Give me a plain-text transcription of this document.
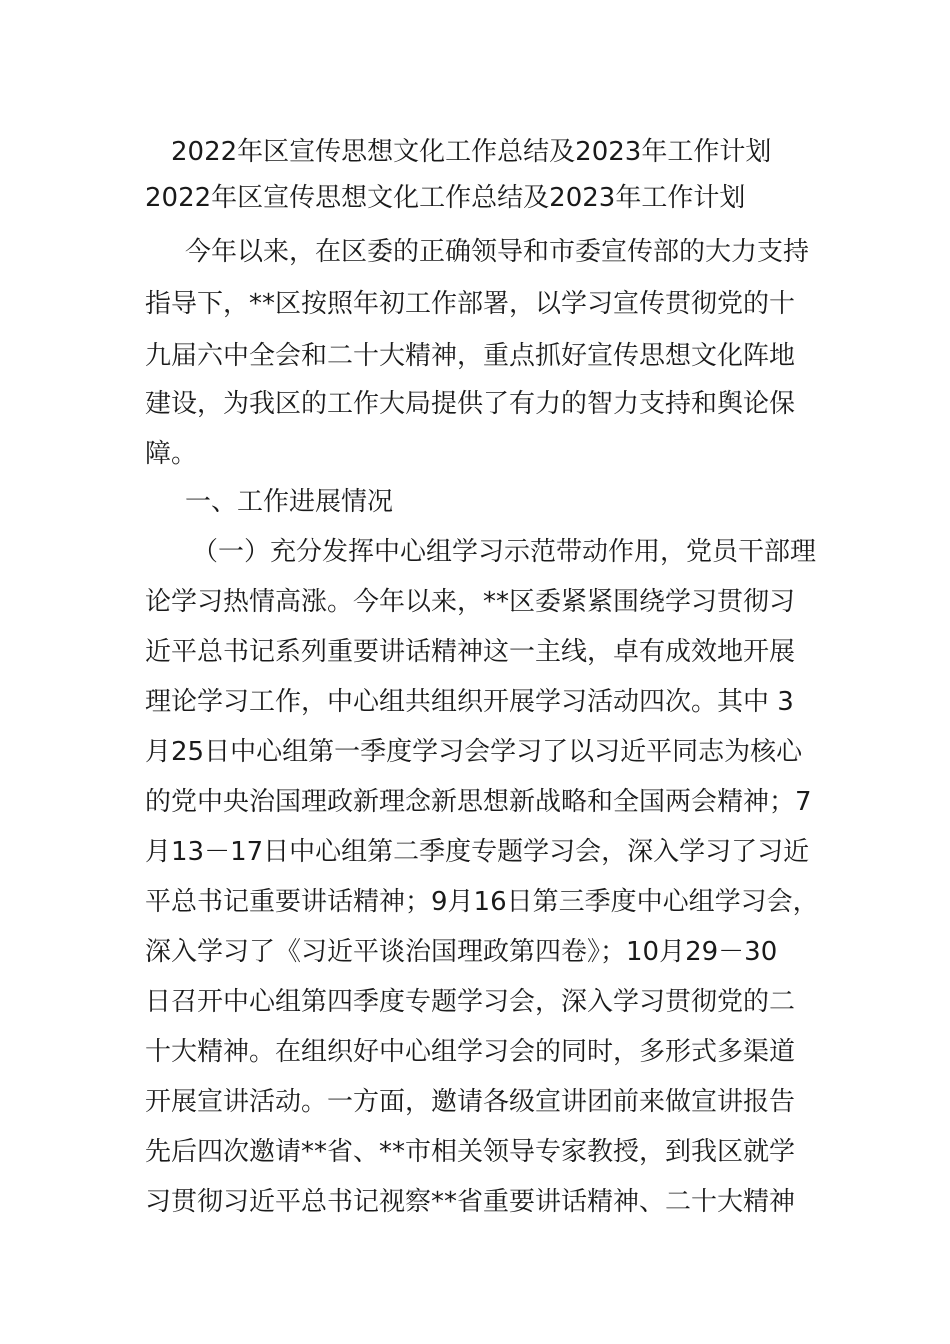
2022年区宣传思想文化工作总结及2023年工作计划
2022年区宣传思想文化工作总结及2023年工作计划
今年以来，在区委的正确领导和市委宣传部的大力支持
指导下，**区按照年初工作部署，以学习宣传贯彻党的十
九届六中全会和二十大精神，重点抓好宣传思想文化阵地
建设，为我区的工作大局提供了有力的智力支持和舆论保
障。
一、工作进展情况
（一）充分发挥中心组学习示范带动作用，党员干部理
论学习热情高涨。今年以来，**区委紧紧围绕学习贯彻习
近平总书记系列重要讲话精神这一主线，卓有成效地开展
理论学习工作，中心组共组织开展学习活动四次。其中 3
月25日中心组第一季度学习会学习了以习近平同志为核心
的党中央治国理政新理念新思想新战略和全国两会精神；7
月13－17日中心组第二季度专题学习会，深入学习了习近
平总书记重要讲话精神；9月16日第三季度中心组学习会，
深入学习了《习近平谈治国理政第四卷》；10月29－30
日召开中心组第四季度专题学习会，深入学习贯彻党的二
十大精神。在组织好中心组学习会的同时，多形式多渠道
开展宣讲活动。一方面，邀请各级宣讲团前来做宣讲报告
先后四次邀请**省、**市相关领导专家教授，到我区就学
习贯彻习近平总书记视察**省重要讲话精神、二十大精神
